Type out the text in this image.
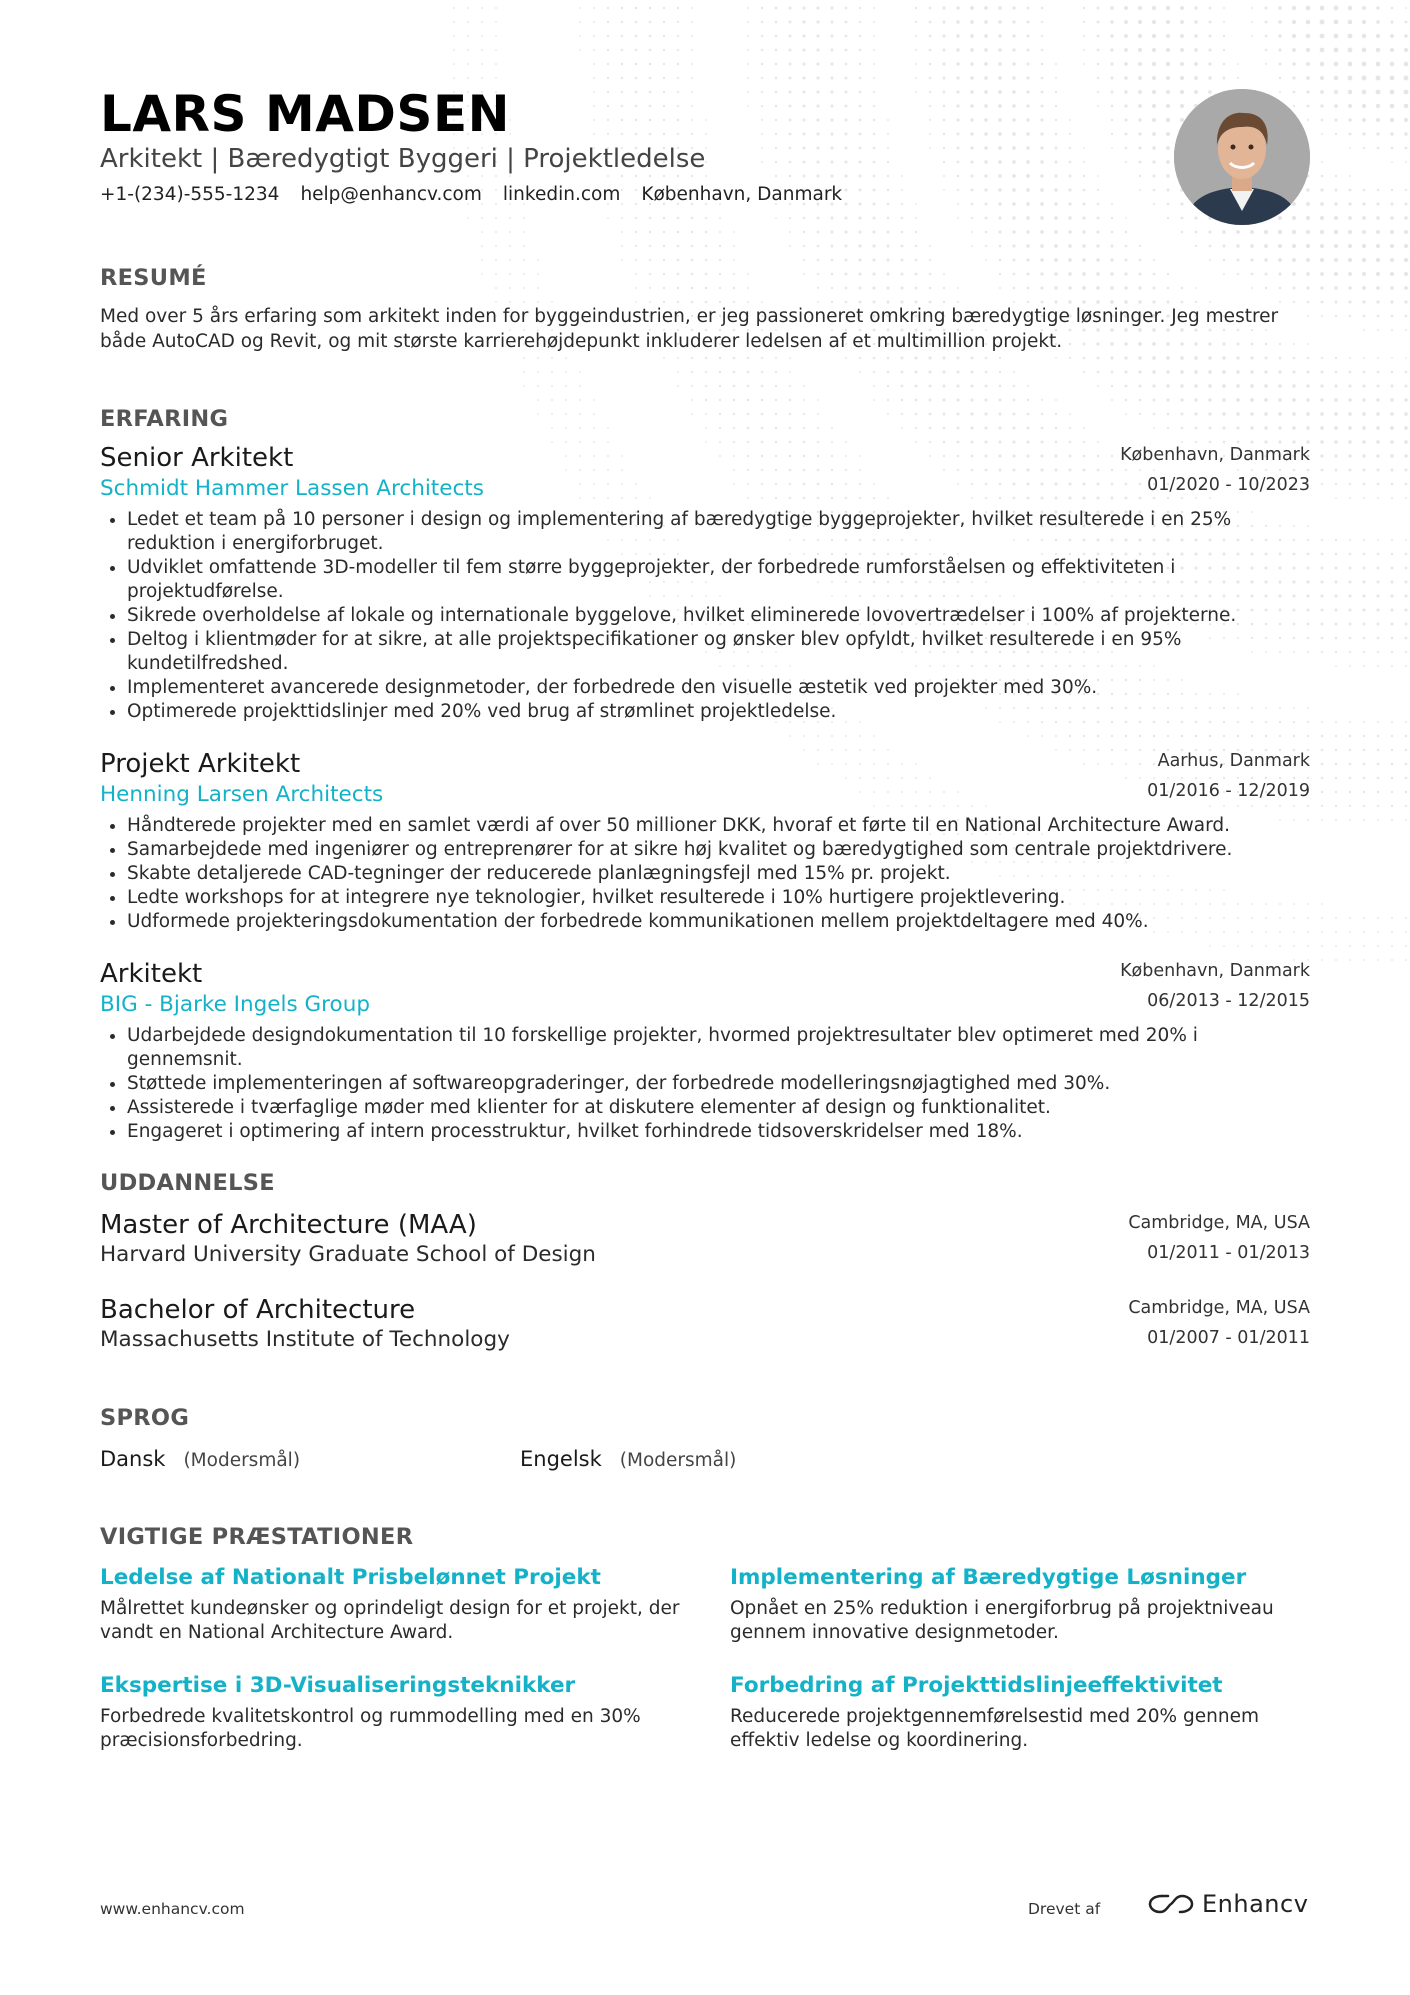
LARS MADSEN
Arkitekt | Bæredygtigt Byggeri | Projektledelse
+1-(234)-555-1234 help@enhancv.com linkedin.com København, Danmark
RESUMÉ
Med over 5 års erfaring som arkitekt inden for byggeindustrien, er jeg passioneret omkring bæredygtige løsninger. Jeg mestrer både AutoCAD og Revit, og mit største karrierehøjdepunkt inkluderer ledelsen af et multimillion projekt.
ERFARING
Senior Arkitekt
Schmidt Hammer Lassen Architects
København, Danmark
01/2020 - 10/2023
• Ledet et team på 10 personer i design og implementering af bæredygtige byggeprojekter, hvilket resulterede i en 25% reduktion i energiforbruget.
• Udviklet omfattende 3D-modeller til fem større byggeprojekter, der forbedrede rumforståelsen og effektiviteten i projektudførelse.
• Sikrede overholdelse af lokale og internationale byggelove, hvilket eliminerede lovovertrædelser i 100% af projekterne.
• Deltog i klientmøder for at sikre, at alle projektspecifikationer og ønsker blev opfyldt, hvilket resulterede i en 95% kundetilfredshed.
• Implementeret avancerede designmetoder, der forbedrede den visuelle æstetik ved projekter med 30%.
• Optimerede projekttidslinjer med 20% ved brug af strømlinet projektledelse.
Projekt Arkitekt
Henning Larsen Architects
Aarhus, Danmark
01/2016 - 12/2019
• Håndterede projekter med en samlet værdi af over 50 millioner DKK, hvoraf et førte til en National Architecture Award.
• Samarbejdede med ingeniører og entreprenører for at sikre høj kvalitet og bæredygtighed som centrale projektdrivere.
• Skabte detaljerede CAD-tegninger der reducerede planlægningsfejl med 15% pr. projekt.
• Ledte workshops for at integrere nye teknologier, hvilket resulterede i 10% hurtigere projektlevering.
• Udformede projekteringsdokumentation der forbedrede kommunikationen mellem projektdeltagere med 40%.
Arkitekt
BIG - Bjarke Ingels Group
København, Danmark
06/2013 - 12/2015
• Udarbejdede designdokumentation til 10 forskellige projekter, hvormed projektresultater blev optimeret med 20% i gennemsnit.
• Støttede implementeringen af softwareopgraderinger, der forbedrede modelleringsnøjagtighed med 30%.
• Assisterede i tværfaglige møder med klienter for at diskutere elementer af design og funktionalitet.
• Engageret i optimering af intern processtruktur, hvilket forhindrede tidsoverskridelser med 18%.
UDDANNELSE
Master of Architecture (MAA)
Harvard University Graduate School of Design
Cambridge, MA, USA
01/2011 - 01/2013
Bachelor of Architecture
Massachusetts Institute of Technology
Cambridge, MA, USA
01/2007 - 01/2011
SPROG
Dansk (Modersmål)	Engelsk (Modersmål)
VIGTIGE PRÆSTATIONER
Ledelse af Nationalt Prisbelønnet Projekt
Målrettet kundeønsker og oprindeligt design for et projekt, der vandt en National Architecture Award.
Implementering af Bæredygtige Løsninger
Opnået en 25% reduktion i energiforbrug på projektniveau gennem innovative designmetoder.
Ekspertise i 3D-Visualiseringsteknikker
Forbedrede kvalitetskontrol og rummodelling med en 30% præcisionsforbedring.
Forbedring af Projekttidslinjeeffektivitet
Reducerede projektgennemførelsestid med 20% gennem effektiv ledelse og koordinering.
www.enhancv.com	Drevet af	Enhancv
